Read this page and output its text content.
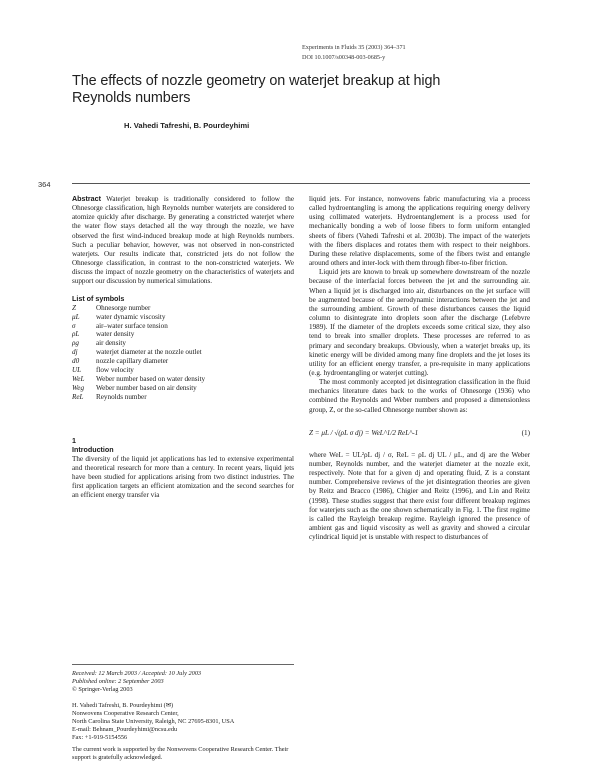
Experiments in Fluids 35 (2003) 364–371
DOI 10.1007/s00348-003-0685-y
The effects of nozzle geometry on waterjet breakup at high Reynolds numbers
H. Vahedi Tafreshi, B. Pourdeyhimi
364

Abstract Waterjet breakup is traditionally considered to follow the Ohnesorge classification, high Reynolds number waterjets are considered to atomize quickly after discharge. By generating a constricted waterjet where the water flow stays detached all the way through the nozzle, we have observed the first wind-induced breakup mode at high Reynolds numbers. Such a peculiar behavior, however, was not observed in non-constricted waterjets. Our results indicate that, constricted jets do not follow the Ohnesorge classification, in contrast to the non-constricted waterjets. We discuss the impact of nozzle geometry on the characteristics of waterjets and support our discussion by numerical simulations.

List of symbols

Z	Ohnesorge number
μL	water dynamic viscosity
σ	air–water surface tension
ρL	water density
ρg	air density
dj	waterjet diameter at the nozzle outlet
d0	nozzle capillary diameter
UL	flow velocity
WeL	Weber number based on water density
Weg	Weber number based on air density
ReL	Reynolds number

1

Introduction

The diversity of the liquid jet applications has led to extensive experimental and theoretical research for more than a century. In recent years, liquid jets have been studied for applications arising from two distinct industries. The first application targets an efficient atomization and the second searches for an efficient energy transfer via

liquid jets. For instance, nonwovens fabric manufacturing via a process called hydroentangling is among the applications requiring energy delivery using collimated waterjets. Hydroentanglement is a process used for mechanically bonding a web of loose fibers to form uniform entangled sheets of fibers (Vahedi Tafreshi et al. 2003b). The impact of the waterjets with the fibers displaces and rotates them with respect to their neighbors. During these relative displacements, some of the fibers twist and entangle around others and inter-lock with them through fiber-to-fiber friction.

Liquid jets are known to break up somewhere downstream of the nozzle because of the interfacial forces between the jet and the surrounding air. When a liquid jet is discharged into air, disturbances on the jet surface will be augmented because of the aerodynamic interactions between the jet and the surrounding ambient. Growth of these disturbances causes the liquid column to disintegrate into droplets soon after the discharge (Lefebvre 1989). If the diameter of the droplets exceeds some critical size, they also tend to break into smaller droplets. These processes are referred to as primary and secondary breakups. Obviously, when a waterjet breaks up, its kinetic energy will be divided among many fine droplets and the jet loses its utility for an efficient energy transfer, a pre-requisite in many applications (e.g. hydroentangling or waterjet cutting).

The most commonly accepted jet disintegration classification in the fluid mechanics literature dates back to the works of Ohnesorge (1936) who combined the Reynolds and Weber numbers and proposed a dimensionless group, Z, or the so-called Ohnesorge number shown as:

Z = μL / √(ρL σ dj) = WeL^1/2 ReL^-1	(1)

where WeL = UL²ρL dj / σ, ReL = ρL dj UL / μL, and dj are the Weber number, Reynolds number, and the waterjet diameter at the nozzle exit, respectively. Note that for a given dj and operating fluid, Z is a constant number. Comprehensive reviews of the jet disintegration theories are given by Reitz and Bracco (1986), Chigier and Reitz (1996), and Lin and Reitz (1998). These studies suggest that there exist four different breakup regimes for waterjets such as the one shown schematically in Fig. 1. The first regime is called the Rayleigh breakup regime. Rayleigh ignored the presence of ambient gas and liquid viscosity as well as gravity and showed a circular cylindrical liquid jet is unstable with respect to disturbances of

Received: 12 March 2003 / Accepted: 10 July 2003

Published online: 2 September 2003

© Springer-Verlag 2003

H. Vahedi Tafreshi, B. Pourdeyhimi (✉)

Nonwovens Cooperative Research Center,

North Carolina State University, Raleigh, NC 27695-8301, USA

E-mail: Behnam_Pourdeyhimi@ncsu.edu

Fax: +1-919-5154556

The current work is supported by the Nonwovens Cooperative Research Center. Their support is gratefully acknowledged.
